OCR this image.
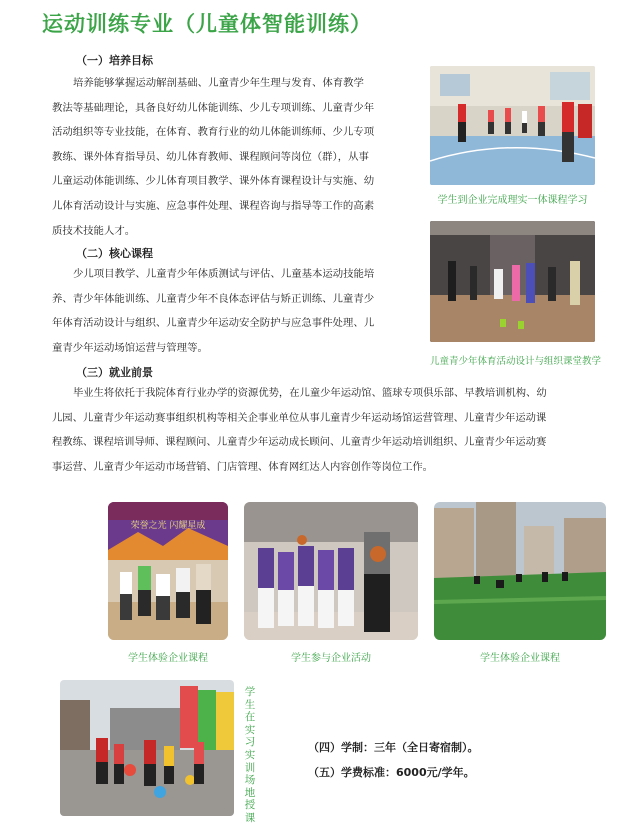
运动训练专业（儿童体智能训练）
（一）培养目标
培养能够掌握运动解剖基础、儿童青少年生理与发育、体育教学
教法等基础理论，具备良好幼儿体能训练、少儿专项训练、儿童青少年
活动组织等专业技能，在体育、教育行业的幼儿体能训练师、少儿专项
教练、课外体育指导员、幼儿体育教师、课程顾问等岗位（群），从事
儿童运动体能训练、少儿体育项目教学、课外体育课程设计与实施、幼
儿体育活动设计与实施、应急事件处理、课程咨询与指导等工作的高素
质技术技能人才。
（二）核心课程
少儿项目教学、儿童青少年体质测试与评估、儿童基本运动技能培
养、青少年体能训练、儿童青少年不良体态评估与矫正训练、儿童青少
年体育活动设计与组织、儿童青少年运动安全防护与应急事件处理、儿
童青少年运动场馆运营与管理等。
（三）就业前景
毕业生将依托于我院体育行业办学的资源优势，在儿童少年运动馆、篮球专项俱乐部、早教培训机构、幼
儿园、儿童青少年运动赛事组织机构等相关企事业单位从事儿童青少年运动场馆运营管理、儿童青少年运动课
程教练、课程培训导师、课程顾问、儿童青少年运动成长顾问、儿童青少年运动培训组织、儿童青少年运动赛
事运营、儿童青少年运动市场营销、门店管理、体育网红达人内容创作等岗位工作。
学生到企业完成理实一体课程学习
儿童青少年体育活动设计与组织课堂教学
荣誉之光 闪耀星成
学生体验企业课程	学生参与企业活动	学生体验企业课程
学生在实习实训场地授课
（四）学制：三年（全日寄宿制）。
（五）学费标准：6000元/学年。
